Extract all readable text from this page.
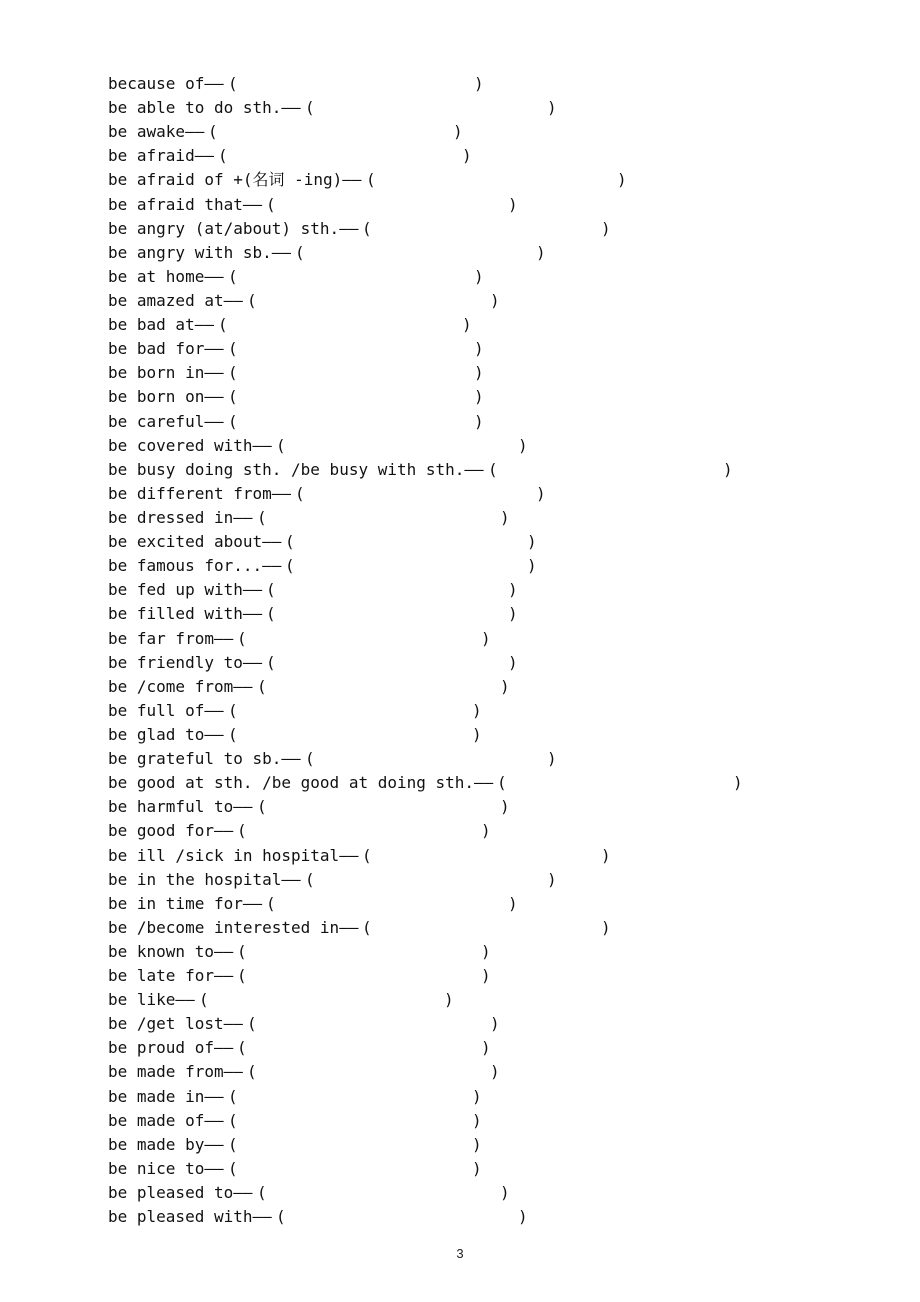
because of—— (	)
be able to do sth.—— (	)
be awake—— (	)
be afraid—— (	)
be afraid of +(名词 -ing)—— (	)
be afraid that—— (	)
be angry (at/about) sth.—— (	)
be angry with sb.—— (	)
be at home—— (	)
be amazed at—— (	)
be bad at—— (	)
be bad for—— (	)
be born in—— (	)
be born on—— (	)
be careful—— (	)
be covered with—— (	)
be busy doing sth. /be busy with sth.—— (	)
be different from—— (	)
be dressed in—— (	)
be excited about—— (	)
be famous for...—— (	)
be fed up with—— (	)
be filled with—— (	)
be far from—— (	)
be friendly to—— (	)
be /come from—— (	)
be full of—— (	)
be glad to—— (	)
be grateful to sb.—— (	)
be good at sth. /be good at doing sth.—— (	)
be harmful to—— (	)
be good for—— (	)
be ill /sick in hospital—— (	)
be in the hospital—— (	)
be in time for—— (	)
be /become interested in—— (	)
be known to—— (	)
be late for—— (	)
be like—— (	)
be /get lost—— (	)
be proud of—— (	)
be made from—— (	)
be made in—— (	)
be made of—— (	)
be made by—— (	)
be nice to—— (	)
be pleased to—— (	)
be pleased with—— (	)
3
